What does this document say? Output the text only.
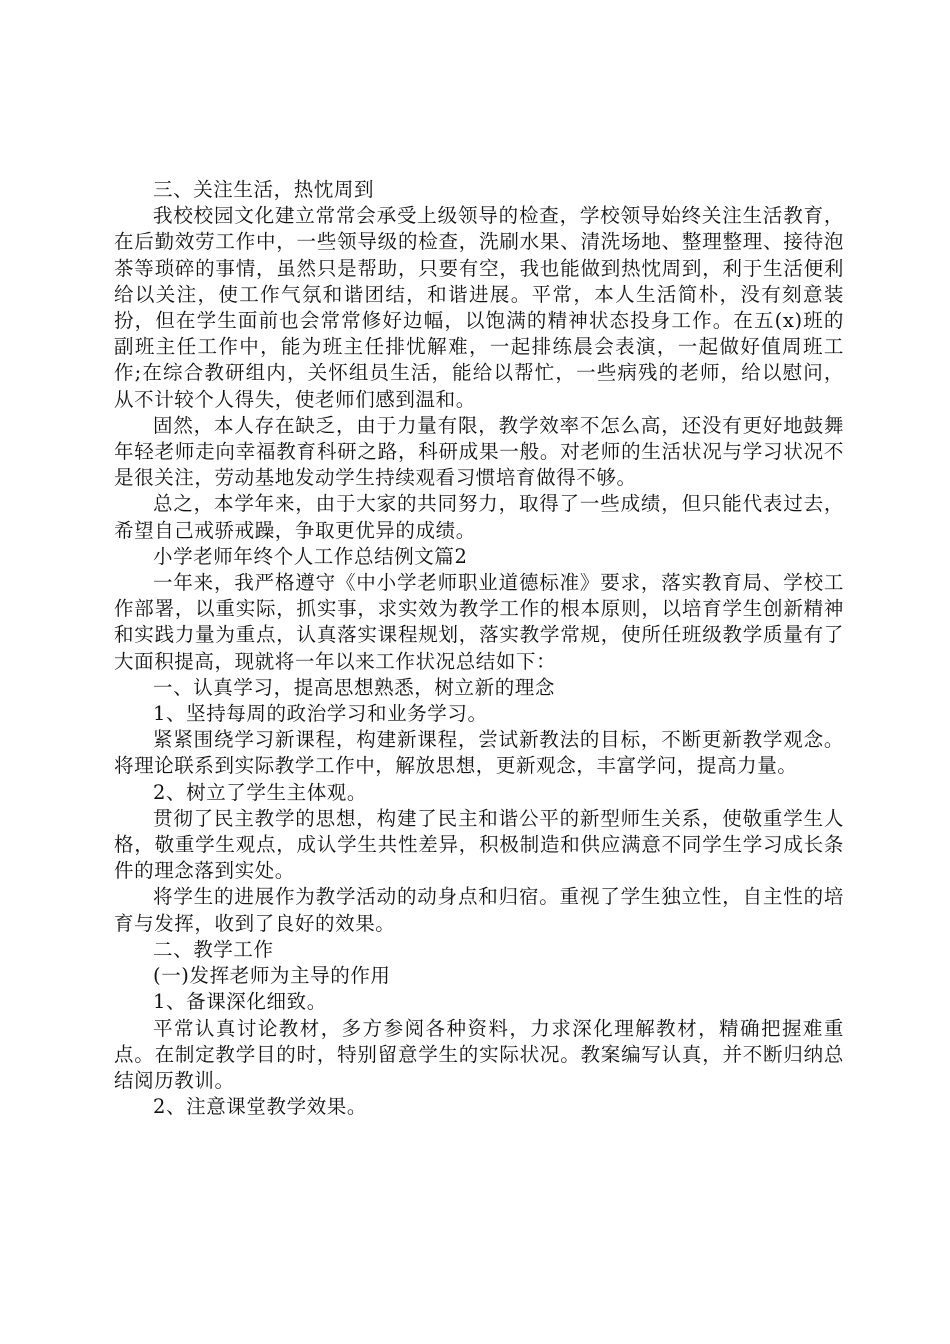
三、关注生活，热忱周到

我校校园文化建立常常会承受上级领导的检查，学校领导始终关注生活教育，在后勤效劳工作中，一些领导级的检查，洗刷水果、清洗场地、整理整理、接待泡茶等琐碎的事情，虽然只是帮助，只要有空，我也能做到热忱周到，利于生活便利给以关注，使工作气氛和谐团结，和谐进展。平常，本人生活简朴，没有刻意装扮，但在学生面前也会常常修好边幅，以饱满的精神状态投身工作。在五(x)班的副班主任工作中，能为班主任排忧解难，一起排练晨会表演，一起做好值周班工作;在综合教研组内，关怀组员生活，能给以帮忙，一些病残的老师，给以慰问，从不计较个人得失，使老师们感到温和。

固然，本人存在缺乏，由于力量有限，教学效率不怎么高，还没有更好地鼓舞年轻老师走向幸福教育科研之路，科研成果一般。对老师的生活状况与学习状况不是很关注，劳动基地发动学生持续观看习惯培育做得不够。

总之，本学年来，由于大家的共同努力，取得了一些成绩，但只能代表过去，希望自己戒骄戒躁，争取更优异的成绩。

小学老师年终个人工作总结例文篇2

一年来，我严格遵守《中小学老师职业道德标准》要求，落实教育局、学校工作部署，以重实际，抓实事，求实效为教学工作的根本原则，以培育学生创新精神和实践力量为重点，认真落实课程规划，落实教学常规，使所任班级教学质量有了大面积提高，现就将一年以来工作状况总结如下：

一、认真学习，提高思想熟悉，树立新的理念

1、坚持每周的政治学习和业务学习。

紧紧围绕学习新课程，构建新课程，尝试新教法的目标，不断更新教学观念。将理论联系到实际教学工作中，解放思想，更新观念，丰富学问，提高力量。

2、树立了学生主体观。

贯彻了民主教学的思想，构建了民主和谐公平的新型师生关系，使敬重学生人格，敬重学生观点，成认学生共性差异，积极制造和供应满意不同学生学习成长条件的理念落到实处。

将学生的进展作为教学活动的动身点和归宿。重视了学生独立性，自主性的培育与发挥，收到了良好的效果。

二、教学工作

(一)发挥老师为主导的作用

1、备课深化细致。

平常认真讨论教材，多方参阅各种资料，力求深化理解教材，精确把握难重点。在制定教学目的时，特别留意学生的实际状况。教案编写认真，并不断归纳总结阅历教训。

2、注意课堂教学效果。
